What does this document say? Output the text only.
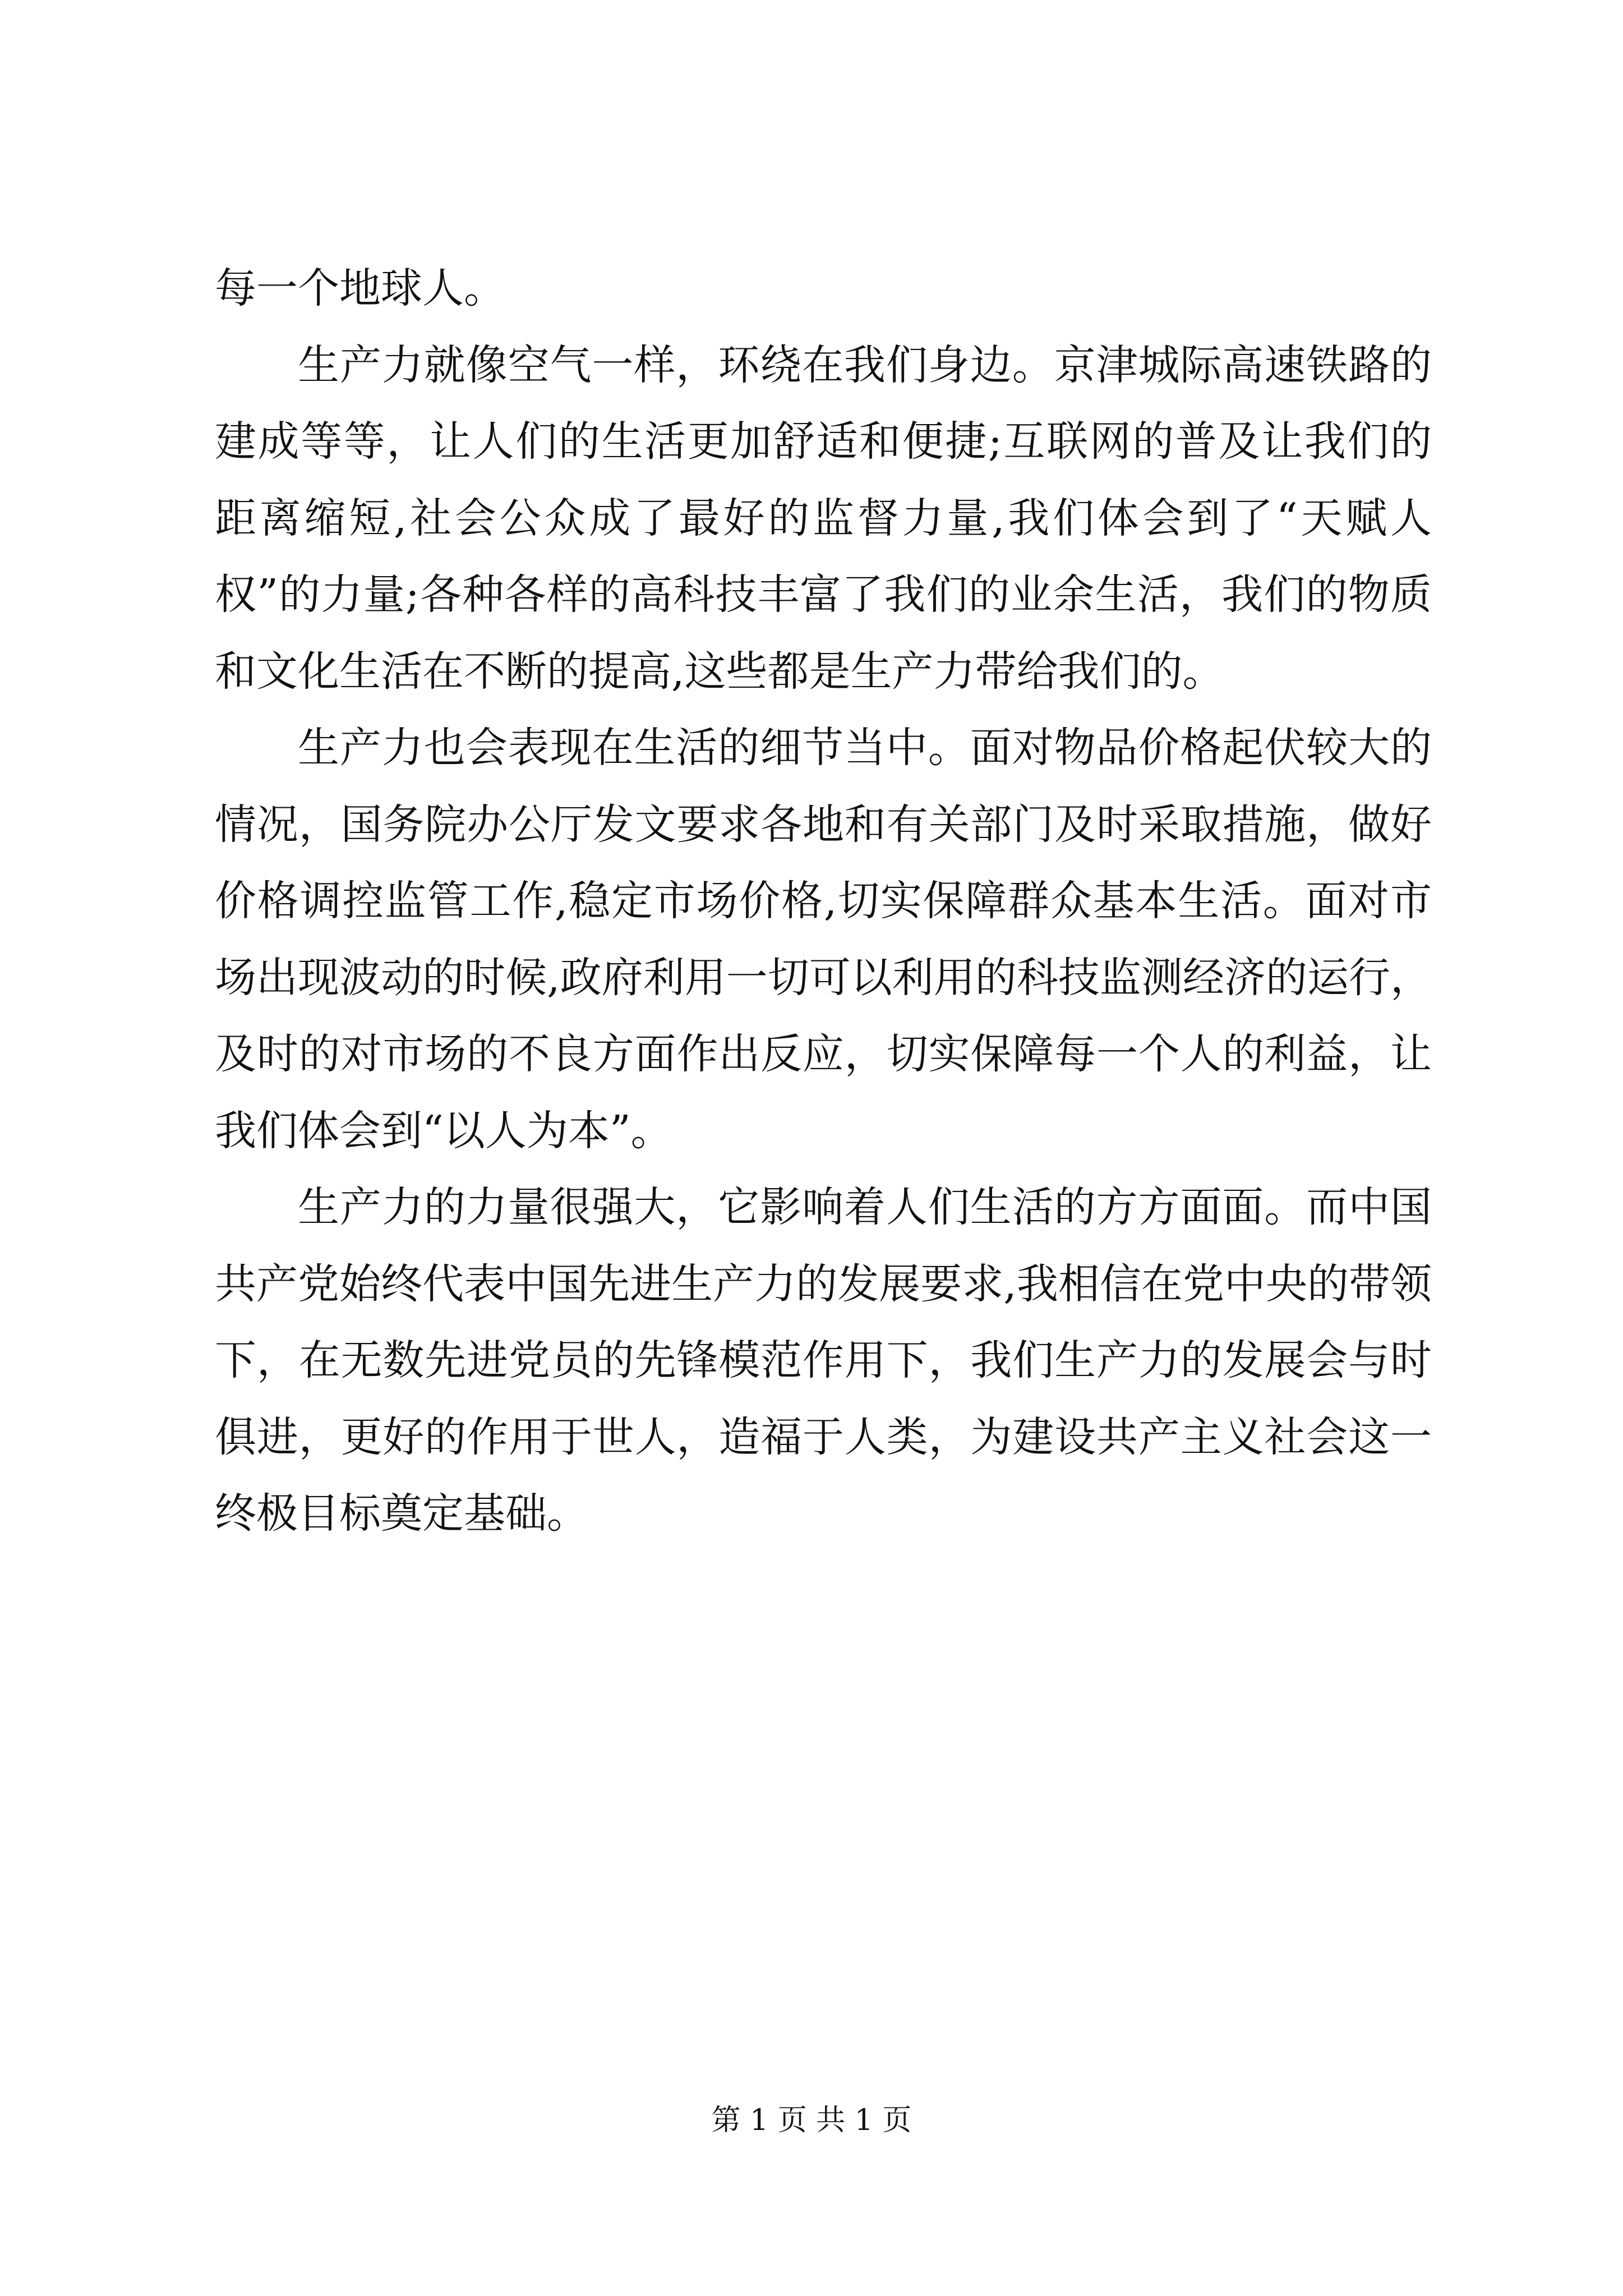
每一个地球人。

生产力就像空气一样，环绕在我们身边。京津城际高速铁路的建成等等，让人们的生活更加舒适和便捷;互联网的普及让我们的距离缩短,社会公众成了最好的监督力量,我们体会到了“天赋人权”的力量;各种各样的高科技丰富了我们的业余生活，我们的物质和文化生活在不断的提高,这些都是生产力带给我们的。

生产力也会表现在生活的细节当中。面对物品价格起伏较大的情况，国务院办公厅发文要求各地和有关部门及时采取措施，做好价格调控监管工作,稳定市场价格,切实保障群众基本生活。面对市场出现波动的时候,政府利用一切可以利用的科技监测经济的运行，及时的对市场的不良方面作出反应，切实保障每一个人的利益，让我们体会到“以人为本”。

生产力的力量很强大，它影响着人们生活的方方面面。而中国共产党始终代表中国先进生产力的发展要求,我相信在党中央的带领下，在无数先进党员的先锋模范作用下，我们生产力的发展会与时俱进，更好的作用于世人，造福于人类，为建设共产主义社会这一终极目标奠定基础。

第 1 页 共 1 页
